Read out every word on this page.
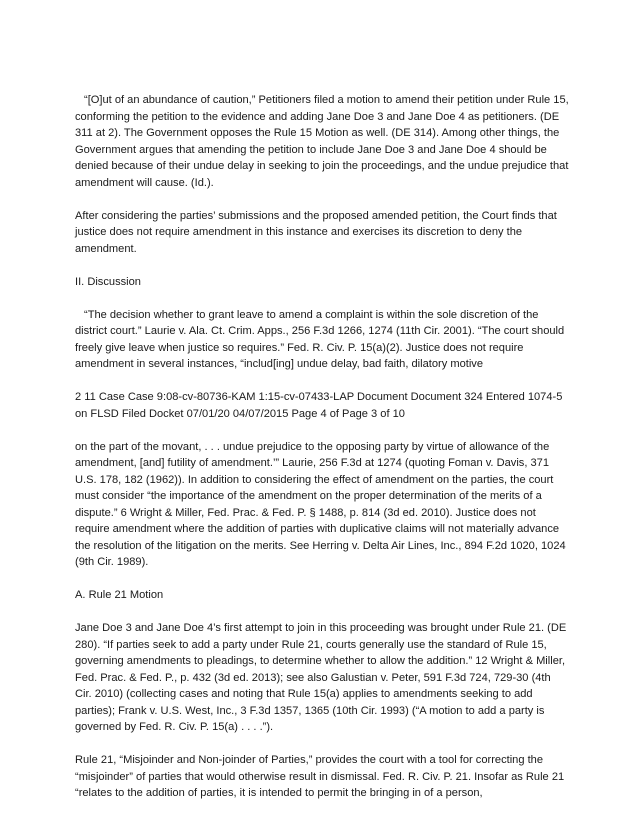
“[O]ut of an abundance of caution,” Petitioners filed a motion to amend their petition under Rule 15, conforming the petition to the evidence and adding Jane Doe 3 and Jane Doe 4 as petitioners. (DE 311 at 2). The Government opposes the Rule 15 Motion as well. (DE 314). Among other things, the Government argues that amending the petition to include Jane Doe 3 and Jane Doe 4 should be denied because of their undue delay in seeking to join the proceedings, and the undue prejudice that amendment will cause. (Id.).

After considering the parties’ submissions and the proposed amended petition, the Court finds that justice does not require amendment in this instance and exercises its discretion to deny the amendment.

II. Discussion

“The decision whether to grant leave to amend a complaint is within the sole discretion of the district court.” Laurie v. Ala. Ct. Crim. Apps., 256 F.3d 1266, 1274 (11th Cir. 2001). “The court should freely give leave when justice so requires.” Fed. R. Civ. P. 15(a)(2). Justice does not require amendment in several instances, “includ[ing] undue delay, bad faith, dilatory motive

2 11 Case Case 9:08-cv-80736-KAM 1:15-cv-07433-LAP Document Document 324 Entered 1074-5 on FLSD Filed Docket 07/01/20 04/07/2015 Page 4 of Page 3 of 10

on the part of the movant, . . . undue prejudice to the opposing party by virtue of allowance of the amendment, [and] futility of amendment.’” Laurie, 256 F.3d at 1274 (quoting Foman v. Davis, 371 U.S. 178, 182 (1962)). In addition to considering the effect of amendment on the parties, the court must consider “the importance of the amendment on the proper determination of the merits of a dispute.” 6 Wright & Miller, Fed. Prac. & Fed. P. § 1488, p. 814 (3d ed. 2010). Justice does not require amendment where the addition of parties with duplicative claims will not materially advance the resolution of the litigation on the merits. See Herring v. Delta Air Lines, Inc., 894 F.2d 1020, 1024 (9th Cir. 1989).

A. Rule 21 Motion

Jane Doe 3 and Jane Doe 4’s first attempt to join in this proceeding was brought under Rule 21. (DE 280). “If parties seek to add a party under Rule 21, courts generally use the standard of Rule 15, governing amendments to pleadings, to determine whether to allow the addition.” 12 Wright & Miller, Fed. Prac. & Fed. P., p. 432 (3d ed. 2013); see also Galustian v. Peter, 591 F.3d 724, 729-30 (4th Cir. 2010) (collecting cases and noting that Rule 15(a) applies to amendments seeking to add parties); Frank v. U.S. West, Inc., 3 F.3d 1357, 1365 (10th Cir. 1993) (“A motion to add a party is governed by Fed. R. Civ. P. 15(a) . . . .”).

Rule 21, “Misjoinder and Non-joinder of Parties,” provides the court with a tool for correcting the “misjoinder” of parties that would otherwise result in dismissal. Fed. R. Civ. P. 21. Insofar as Rule 21 “relates to the addition of parties, it is intended to permit the bringing in of a person,
